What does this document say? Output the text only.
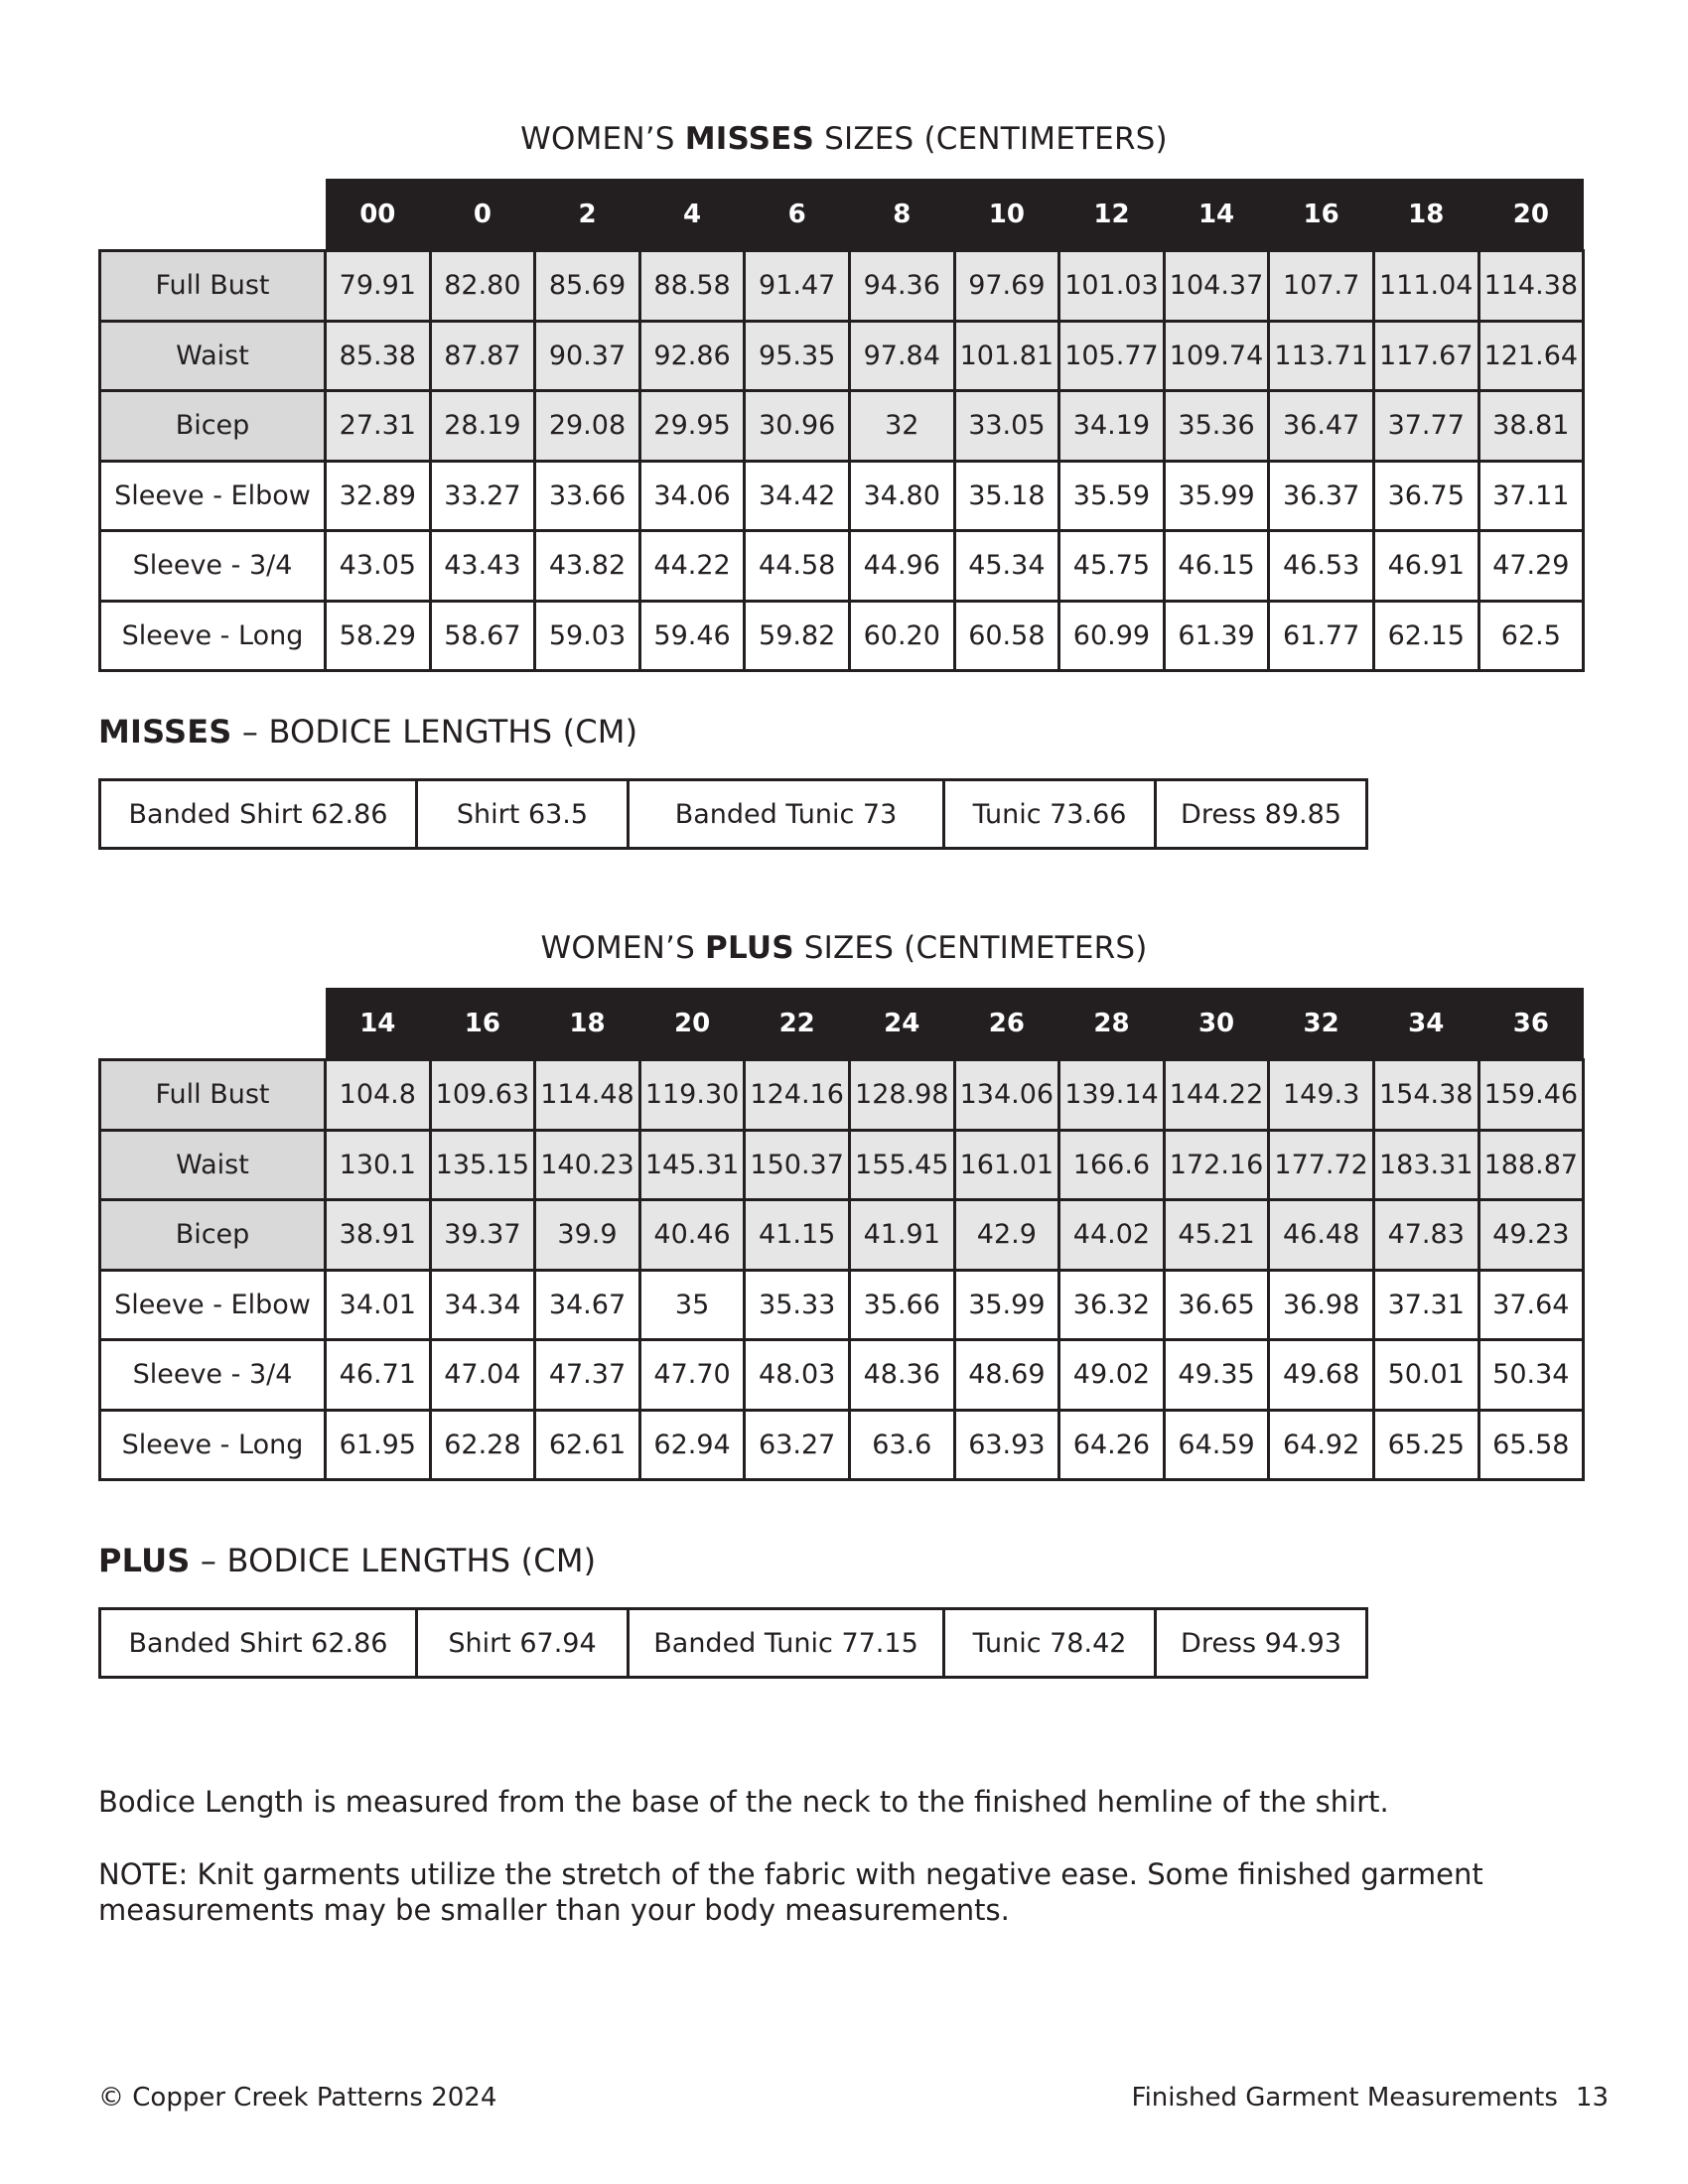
WOMEN’S MISSES SIZES (CENTIMETERS)
	00	0	2	4	6	8	10	12	14	16	18	20
Full Bust	79.91	82.80	85.69	88.58	91.47	94.36	97.69	101.03	104.37	107.7	111.04	114.38
Waist	85.38	87.87	90.37	92.86	95.35	97.84	101.81	105.77	109.74	113.71	117.67	121.64
Bicep	27.31	28.19	29.08	29.95	30.96	32	33.05	34.19	35.36	36.47	37.77	38.81
Sleeve - Elbow	32.89	33.27	33.66	34.06	34.42	34.80	35.18	35.59	35.99	36.37	36.75	37.11
Sleeve - 3/4	43.05	43.43	43.82	44.22	44.58	44.96	45.34	45.75	46.15	46.53	46.91	47.29
Sleeve - Long	58.29	58.67	59.03	59.46	59.82	60.20	60.58	60.99	61.39	61.77	62.15	62.5
MISSES – BODICE LENGTHS (CM)
Banded Shirt 62.86	Shirt 63.5	Banded Tunic 73	Tunic 73.66	Dress 89.85
WOMEN’S PLUS SIZES (CENTIMETERS)
	14	16	18	20	22	24	26	28	30	32	34	36
Full Bust	104.8	109.63	114.48	119.30	124.16	128.98	134.06	139.14	144.22	149.3	154.38	159.46
Waist	130.1	135.15	140.23	145.31	150.37	155.45	161.01	166.6	172.16	177.72	183.31	188.87
Bicep	38.91	39.37	39.9	40.46	41.15	41.91	42.9	44.02	45.21	46.48	47.83	49.23
Sleeve - Elbow	34.01	34.34	34.67	35	35.33	35.66	35.99	36.32	36.65	36.98	37.31	37.64
Sleeve - 3/4	46.71	47.04	47.37	47.70	48.03	48.36	48.69	49.02	49.35	49.68	50.01	50.34
Sleeve - Long	61.95	62.28	62.61	62.94	63.27	63.6	63.93	64.26	64.59	64.92	65.25	65.58
PLUS – BODICE LENGTHS (CM)
Banded Shirt 62.86	Shirt 67.94	Banded Tunic 77.15	Tunic 78.42	Dress 94.93
Bodice Length is measured from the base of the neck to the finished hemline of the shirt.
NOTE: Knit garments utilize the stretch of the fabric with negative ease. Some finished garment
measurements may be smaller than your body measurements.
© Copper Creek Patterns 2024	Finished Garment Measurements 13
